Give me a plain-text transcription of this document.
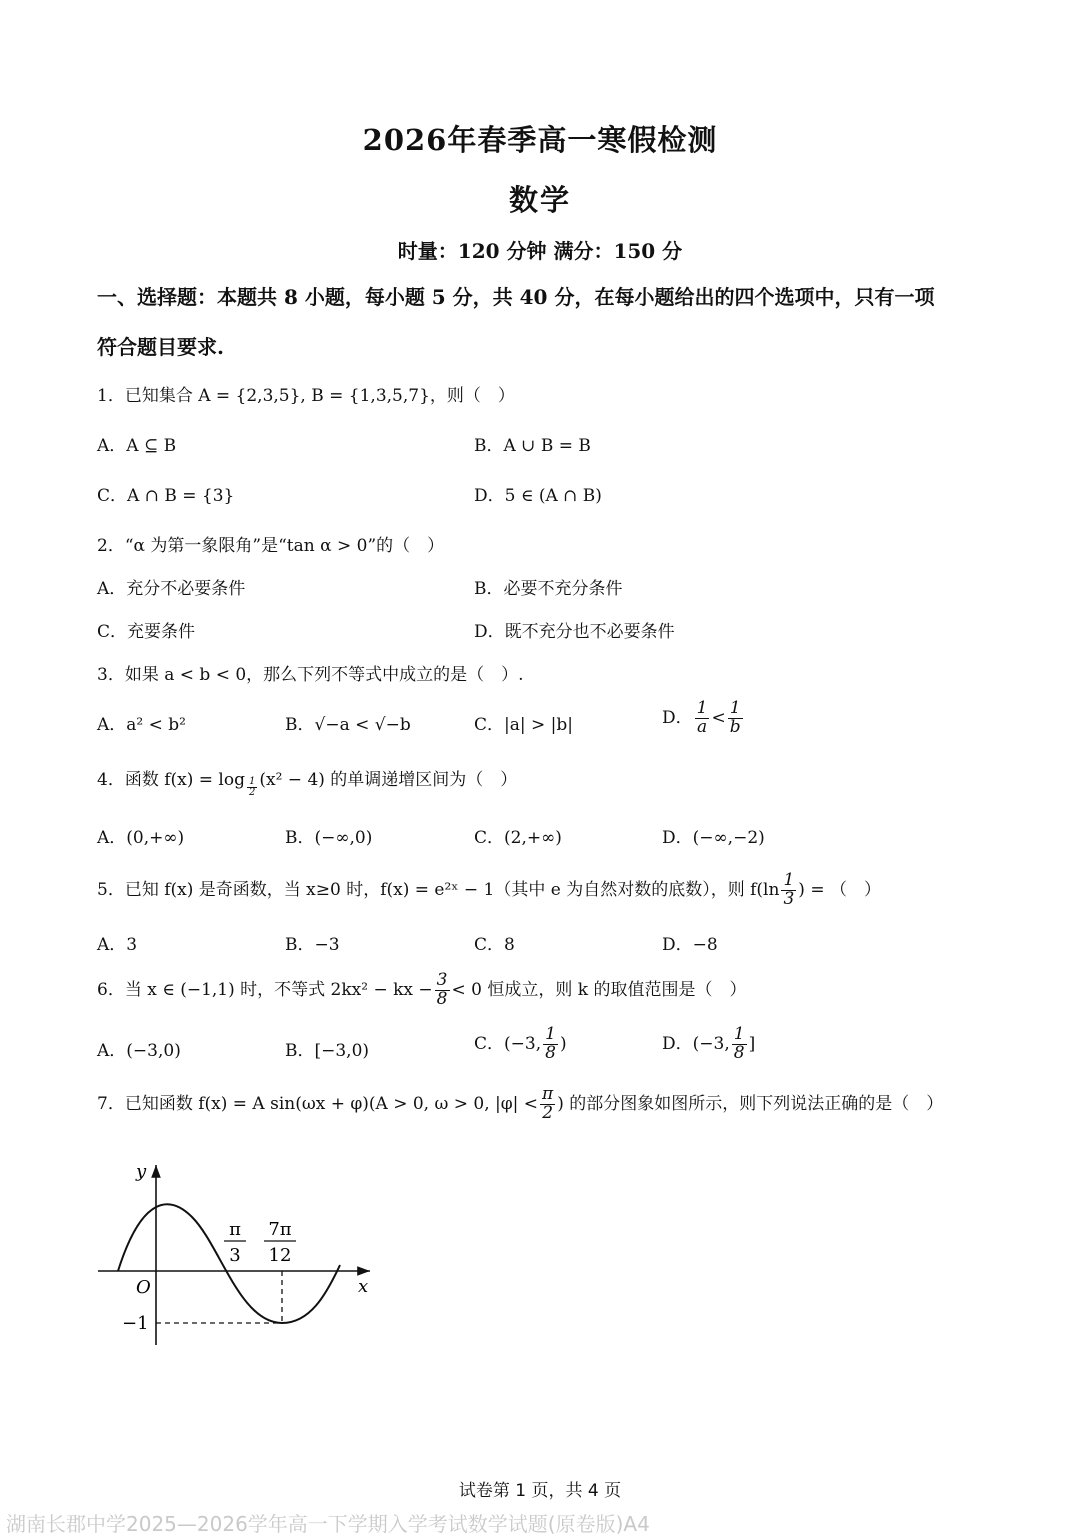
2026年春季高一寒假检测
数学
时量：120 分钟 满分：150 分
一、选择题：本题共 8 小题，每小题 5 分，共 40 分，在每小题给出的四个选项中，只有一项
符合题目要求.
1．已知集合 A = {2,3,5}, B = {1,3,5,7}，则（　）
A．A ⊆ B	B．A ∪ B = B
C．A ∩ B = {3}	D．5 ∈ (A ∩ B)
2．“α 为第一象限角”是“tan α > 0”的（　）
A．充分不必要条件	B．必要不充分条件
C．充要条件	D．既不充分也不必要条件
3．如果 a < b < 0，那么下列不等式中成立的是（　）.
A．a² < b²	B．√−a < √−b	C．|a| > |b|	D． $\frac{1}{a} < \frac{1}{b}$
4．函数 $f(x) = \log \frac{1}{2} (x^2 - 4)$ 的单调递增区间为（　）
A．(0,+∞)	B．(−∞,0)	C．(2,+∞)	D．(−∞,−2)
5．已知 f(x) 是奇函数，当 x≥0 时，f(x) = e²ˣ − 1（其中 e 为自然对数的底数），则 $f(\ln \frac{1}{3}$ ) = （　）
A．3	B．−3	C．8	D．−8
6．当 x ∈ (−1,1) 时，不等式 2kx² − kx − $\frac{3}{8} < 0$ 恒成立，则 k 的取值范围是（　）
A．(−3,0)	B．[−3,0)	C．(−3, $\frac{1}{8}$ )	D．(−3, $\frac{1}{8}$ ]
7．已知函数 f(x) = A sin(ωx + φ)(A > 0, ω > 0, $|\varphi| < \frac{\pi}{2}$ ) 的部分图象如图所示，则下列说法正确的是（　）
y
x
O
−1
π
3
7π
12
试卷第 1 页，共 4 页
湖南长郡中学2025—2026学年高一下学期入学考试数学试题(原卷版)A4
